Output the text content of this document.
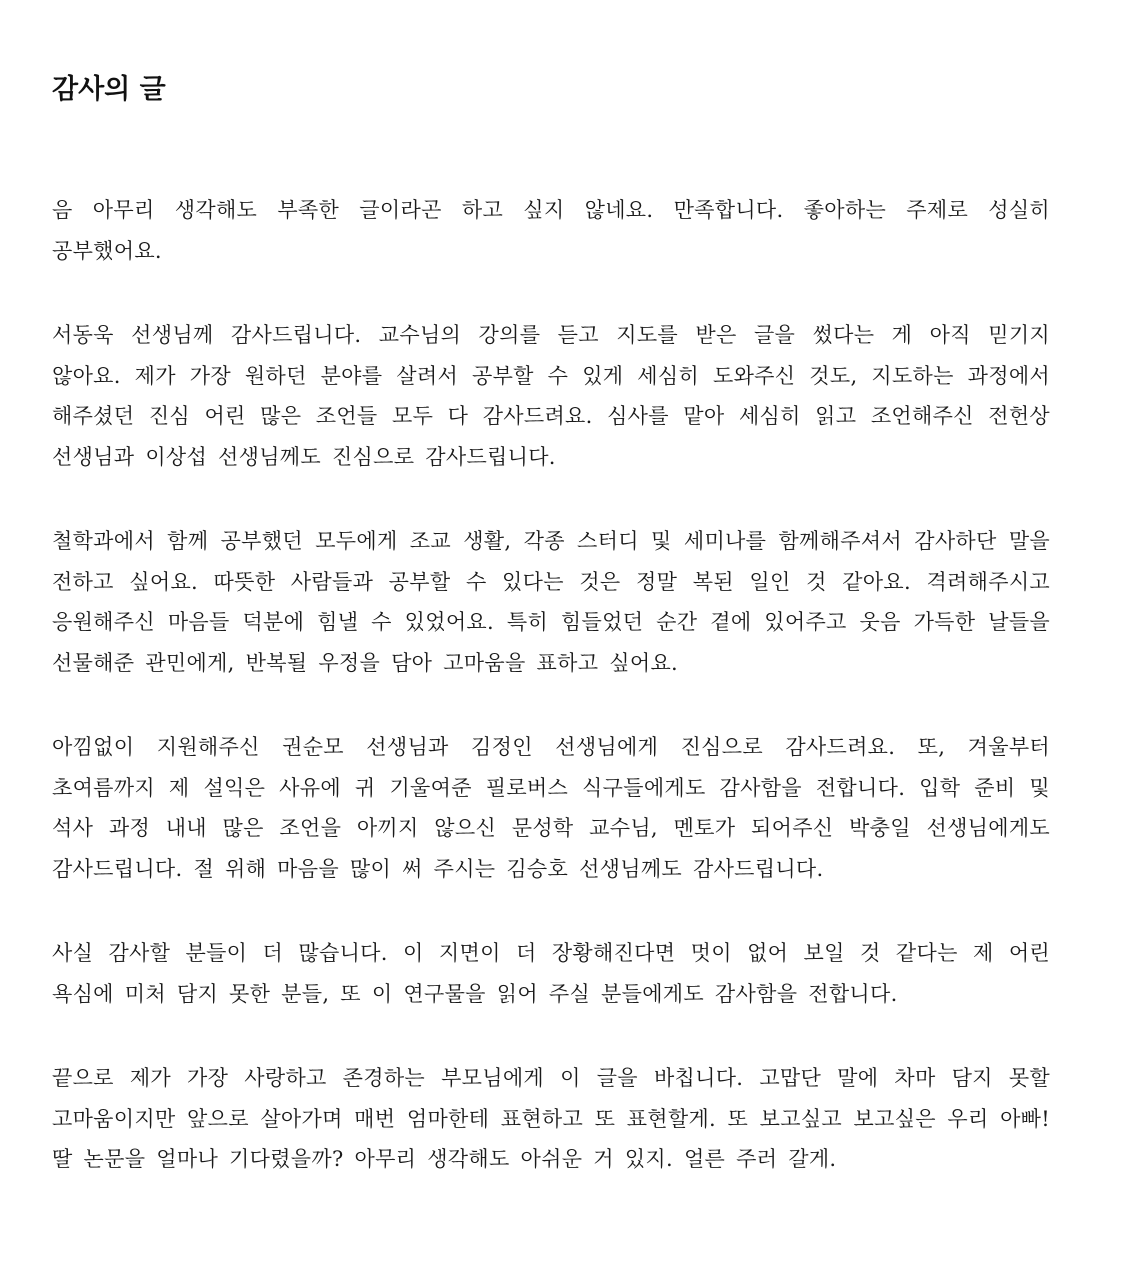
감사의 글

음 아무리 생각해도 부족한 글이라곤 하고 싶지 않네요. 만족합니다. 좋아하는 주제로 성실히 공부했어요.

서동욱 선생님께 감사드립니다. 교수님의 강의를 듣고 지도를 받은 글을 썼다는 게 아직 믿기지 않아요. 제가 가장 원하던 분야를 살려서 공부할 수 있게 세심히 도와주신 것도, 지도하는 과정에서 해주셨던 진심 어린 많은 조언들 모두 다 감사드려요. 심사를 맡아 세심히 읽고 조언해주신 전헌상 선생님과 이상섭 선생님께도 진심으로 감사드립니다.

철학과에서 함께 공부했던 모두에게 조교 생활, 각종 스터디 및 세미나를 함께해주셔서 감사하단 말을 전하고 싶어요. 따뜻한 사람들과 공부할 수 있다는 것은 정말 복된 일인 것 같아요. 격려해주시고 응원해주신 마음들 덕분에 힘낼 수 있었어요. 특히 힘들었던 순간 곁에 있어주고 웃음 가득한 날들을 선물해준 관민에게, 반복될 우정을 담아 고마움을 표하고 싶어요.

아낌없이 지원해주신 권순모 선생님과 김정인 선생님에게 진심으로 감사드려요. 또, 겨울부터 초여름까지 제 설익은 사유에 귀 기울여준 필로버스 식구들에게도 감사함을 전합니다. 입학 준비 및 석사 과정 내내 많은 조언을 아끼지 않으신 문성학 교수님, 멘토가 되어주신 박충일 선생님에게도 감사드립니다. 절 위해 마음을 많이 써 주시는 김승호 선생님께도 감사드립니다.

사실 감사할 분들이 더 많습니다. 이 지면이 더 장황해진다면 멋이 없어 보일 것 같다는 제 어린 욕심에 미처 담지 못한 분들, 또 이 연구물을 읽어 주실 분들에게도 감사함을 전합니다.

끝으로 제가 가장 사랑하고 존경하는 부모님에게 이 글을 바칩니다. 고맙단 말에 차마 담지 못할 고마움이지만 앞으로 살아가며 매번 엄마한테 표현하고 또 표현할게. 또 보고싶고 보고싶은 우리 아빠! 딸 논문을 얼마나 기다렸을까? 아무리 생각해도 아쉬운 거 있지. 얼른 주러 갈게.
